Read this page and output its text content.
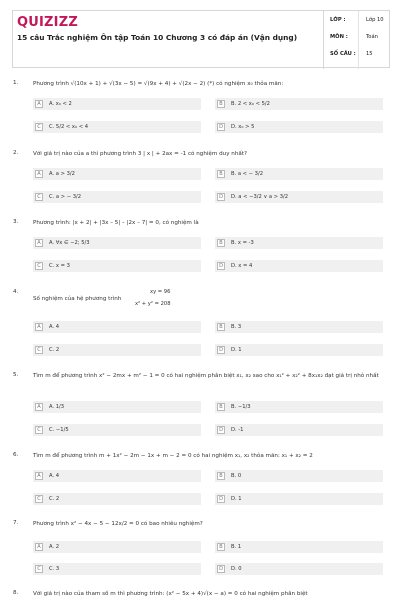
QUIZIZZ
15 câu Trắc nghiệm Ôn tập Toán 10 Chương 3 có đáp án (Vận dụng)
LỚP :	Lớp 10
MÔN :	Toán
SỐ CÂU : 15
1.	Phương trình √(10x + 1) + √(3x − 5) = √(9x + 4) + √(2x − 2) (*) có nghiệm x₀ thỏa mãn:
A	A. x₀ < 2	B	B. 2 < x₀ < 5/2
C	C. 5/2 < x₀ < 4	D	D. x₀ > 5
2.	Với giá trị nào của a thì phương trình 3 | x | + 2ax = -1 có nghiệm duy nhất?
A	A. a > 3/2	B	B. a < − 3/2
C	C. a > − 3/2	D	D. a < −3/2 ∨ a > 3/2
3.	Phương trình: |x + 2| + |3x – 5| – |2x – 7| = 0, có nghiệm là
A	A. ∀x ∈ −2; 5/3	B	B. x = -3
C	C. x = 3	D	D. x = 4
4.
Số nghiệm của hệ phương trình
xy = 96
x² + y² = 208
A	A. 4	B	B. 3
C	C. 2	D	D. 1
5.	Tìm m để phương trình x² − 2mx + m² − 1 = 0 có hai nghiệm phân biệt x₁, x₂ sao cho x₁² + x₂² + 8x₁x₂ đạt giá trị nhỏ nhất
A	A. 1/3	B	B. −1/3
C	C. −1/5	D	D. -1
6.	Tìm m để phương trình m + 1x² − 2m − 1x + m − 2 = 0 có hai nghiệm x₁, x₂ thỏa mãn: x₁ + x₂ = 2
A	A. 4	B	B. 0
C	C. 2	D	D. 1
7.	Phương trình x² − 4x − 5 − 12x/2 = 0 có bao nhiêu nghiệm?
A	A. 2	B	B. 1
C	C. 3	D	D. 0
8.	Với giá trị nào của tham số m thì phương trình: (x² − 5x + 4)√(x − a) = 0 có hai nghiệm phân biệt
